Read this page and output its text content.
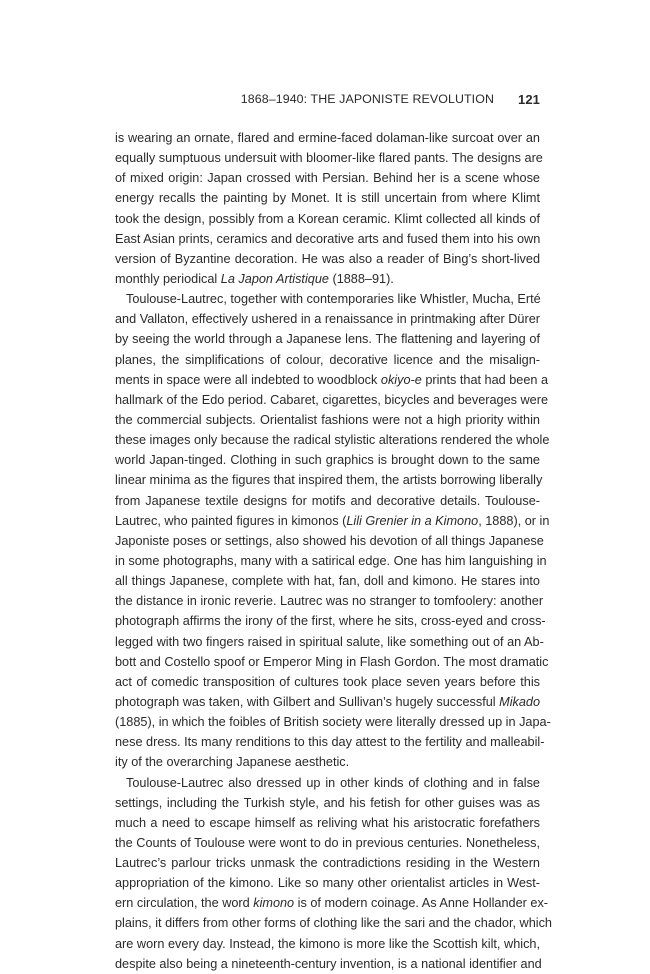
1868–1940: THE JAPONISTE REVOLUTION 121

is wearing an ornate, flared and ermine-faced dolaman-like surcoat over an
equally sumptuous undersuit with bloomer-like flared pants. The designs are
of mixed origin: Japan crossed with Persian. Behind her is a scene whose
energy recalls the painting by Monet. It is still uncertain from where Klimt
took the design, possibly from a Korean ceramic. Klimt collected all kinds of
East Asian prints, ceramics and decorative arts and fused them into his own
version of Byzantine decoration. He was also a reader of Bing’s short-lived
monthly periodical La Japon Artistique (1888–91).

Toulouse-Lautrec, together with contemporaries like Whistler, Mucha, Erté
and Vallaton, effectively ushered in a renaissance in printmaking after Dürer
by seeing the world through a Japanese lens. The flattening and layering of
planes, the simplifications of colour, decorative licence and the misalign-
ments in space were all indebted to woodblock okiyo-e prints that had been a
hallmark of the Edo period. Cabaret, cigarettes, bicycles and beverages were
the commercial subjects. Orientalist fashions were not a high priority within
these images only because the radical stylistic alterations rendered the whole
world Japan-tinged. Clothing in such graphics is brought down to the same
linear minima as the figures that inspired them, the artists borrowing liberally
from Japanese textile designs for motifs and decorative details. Toulouse-
Lautrec, who painted figures in kimonos (Lili Grenier in a Kimono, 1888), or in
Japoniste poses or settings, also showed his devotion of all things Japanese
in some photographs, many with a satirical edge. One has him languishing in
all things Japanese, complete with hat, fan, doll and kimono. He stares into
the distance in ironic reverie. Lautrec was no stranger to tomfoolery: another
photograph affirms the irony of the first, where he sits, cross-eyed and cross-
legged with two fingers raised in spiritual salute, like something out of an Ab-
bott and Costello spoof or Emperor Ming in Flash Gordon. The most dramatic
act of comedic transposition of cultures took place seven years before this
photograph was taken, with Gilbert and Sullivan’s hugely successful Mikado
(1885), in which the foibles of British society were literally dressed up in Japa-
nese dress. Its many renditions to this day attest to the fertility and malleabil-
ity of the overarching Japanese aesthetic.

Toulouse-Lautrec also dressed up in other kinds of clothing and in false
settings, including the Turkish style, and his fetish for other guises was as
much a need to escape himself as reliving what his aristocratic forefathers
the Counts of Toulouse were wont to do in previous centuries. Nonetheless,
Lautrec’s parlour tricks unmask the contradictions residing in the Western
appropriation of the kimono. Like so many other orientalist articles in West-
ern circulation, the word kimono is of modern coinage. As Anne Hollander ex-
plains, it differs from other forms of clothing like the sari and the chador, which
are worn every day. Instead, the kimono is more like the Scottish kilt, which,
despite also being a nineteenth-century invention, is a national identifier and
